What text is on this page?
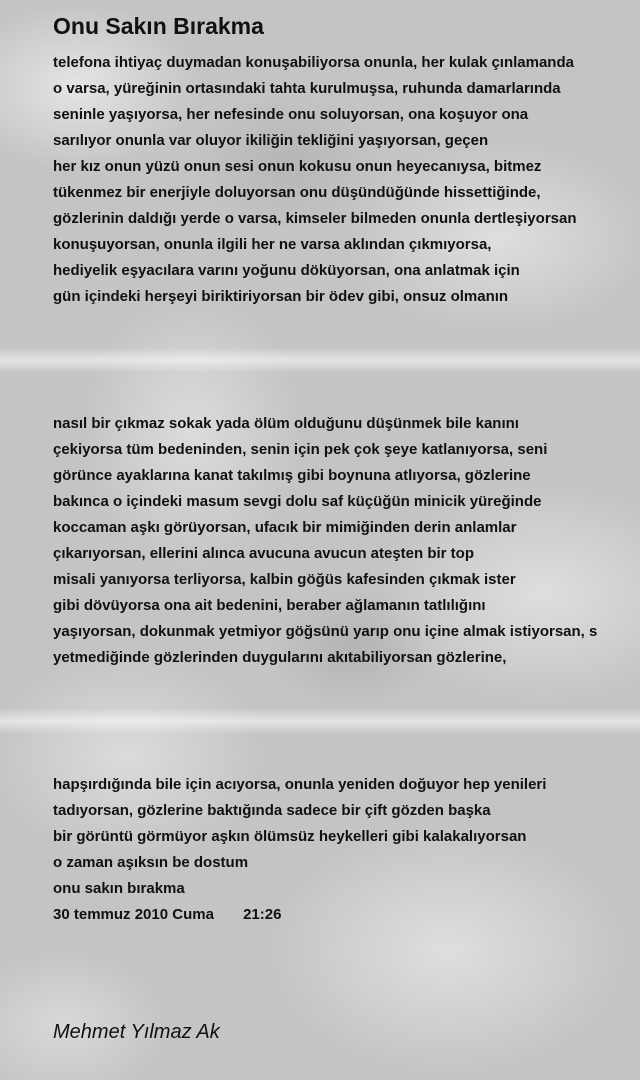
Onu Sakın Bırakma
telefona ihtiyaç duymadan konuşabiliyorsa onunla, her kulak çınlamanda
o varsa, yüreğinin ortasındaki tahta kurulmuşsa, ruhunda damarlarında
seninle yaşıyorsa, her nefesinde onu soluyorsan, ona koşuyor ona
sarılıyor onunla var oluyor ikiliğin tekliğini yaşıyorsan, geçen
her kız onun yüzü onun sesi onun kokusu onun heyecanıysa, bitmez
tükenmez bir enerjiyle doluyorsan onu düşündüğünde hissettiğinde,
gözlerinin daldığı yerde o varsa, kimseler bilmeden onunla dertleşiyorsan
konuşuyorsan, onunla ilgili her ne varsa aklından çıkmıyorsa,
hediyelik eşyacılara varını yoğunu döküyorsan, ona anlatmak için
gün içindeki herşeyi biriktiriyorsan bir ödev gibi, onsuz olmanın
nasıl bir çıkmaz sokak yada ölüm olduğunu düşünmek bile kanını
çekiyorsa tüm bedeninden, senin için pek çok şeye katlanıyorsa, seni
görünce ayaklarına kanat takılmış gibi boynuna atlıyorsa, gözlerine
bakınca o içindeki masum sevgi dolu saf küçüğün minicik yüreğinde
koccaman aşkı görüyorsan, ufacık bir mimiğinden derin anlamlar
çıkarıyorsan, ellerini alınca avucuna avucun ateşten bir top
misali yanıyorsa terliyorsa, kalbin göğüs kafesinden çıkmak ister
gibi dövüyorsa ona ait bedenini, beraber ağlamanın tatlılığını
yaşıyorsan, dokunmak yetmiyor göğsünü yarıp onu içine almak istiyorsan, s
yetmediğinde gözlerinden duygularını akıtabiliyorsan gözlerine,
hapşırdığında bile için acıyorsa, onunla yeniden doğuyor hep yenileri
tadıyorsan, gözlerine baktığında sadece bir çift gözden başka
bir görüntü görmüyor aşkın ölümsüz heykelleri gibi kalakalıyorsan
o zaman aşıksın be dostum
onu sakın bırakma
30 temmuz 2010 Cuma       21:26
Mehmet Yılmaz Ak
